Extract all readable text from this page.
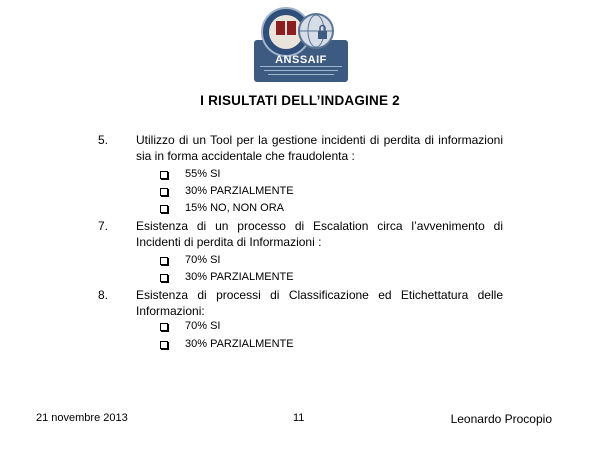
ANSSAIF
I RISULTATI DELL’INDAGINE 2
5. Utilizzo di un Tool per la gestione incidenti di perdita di informazioni sia in forma accidentale che fraudolenta :
55% SI
30% PARZIALMENTE
15% NO, NON ORA
7. Esistenza di un processo di Escalation circa l’avvenimento di Incidenti di perdita di Informazioni :
70% SI
30% PARZIALMENTE
8. Esistenza di processi di Classificazione ed Etichettatura delle Informazioni:
70% SI
30% PARZIALMENTE
21 novembre 2013	11	Leonardo Procopio
